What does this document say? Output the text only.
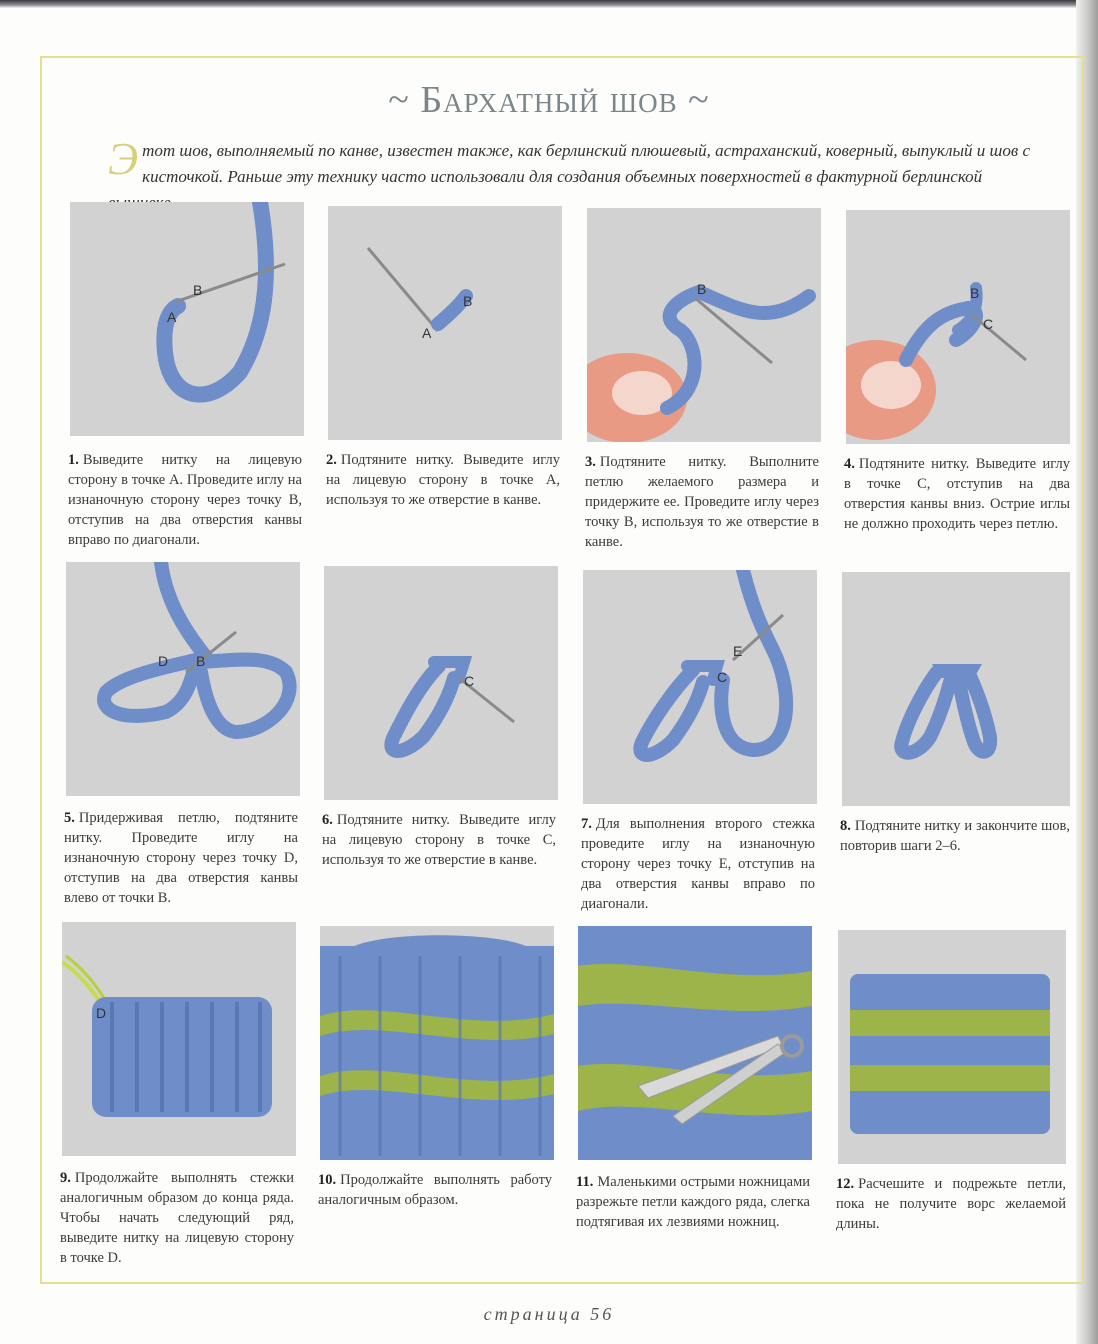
~ Бархатный шов ~
Э тот шов, выполняемый по канве, известен также, как берлинский плюшевый, астраханский, коверный, выпуклый и шов с кисточкой. Раньше эту технику часто использовали для создания объемных поверхностей в фактурной берлинской
B
A
B
A
B	B
C
1. Выведите нитку на лицевую сторону в точке А. Проведите иглу на изнаночную сторону через точку В, отступив на два отверстия канвы вправо по диагонали.
2. Подтяните нитку. Выведите иглу на лицевую сторону в точке А, используя то же отверстие в канве.
3. Подтяните нитку. Выполните петлю желаемого размера и придержите ее. Проведите иглу через точку В, используя то же отверстие в канве.
4. Подтяните нитку. Выведите иглу в точке С, отступив на два отверстия канвы вниз. Острие иглы не должно проходить через петлю.
D B
C
E
C
5. Придерживая петлю, подтяните нитку. Проведите иглу на изнаночную сторону через точку D, отступив на два отверстия канвы влево от точки В.
6. Подтяните нитку. Выведите иглу на лицевую сторону в точке С, используя то же отверстие в канве.
7. Для выполнения второго стежка проведите иглу на изнаночную сторону через точку Е, отступив на два отверстия канвы вправо по диагонали.
8. Подтяните нитку и закончите шов, повторив шаги 2–6.
D
9. Продолжайте выполнять стежки аналогичным образом до конца ряда. Чтобы начать следующий ряд, выведите нитку на лицевую сторону в точке D.
10. Продолжайте выполнять работу аналогичным образом.
11. Маленькими острыми ножницами разрежьте петли каждого ряда, слегка подтягивая их лезвиями ножниц.
12. Расчешите и подрежьте петли, пока не получите ворс желаемой длины.
страница 56
